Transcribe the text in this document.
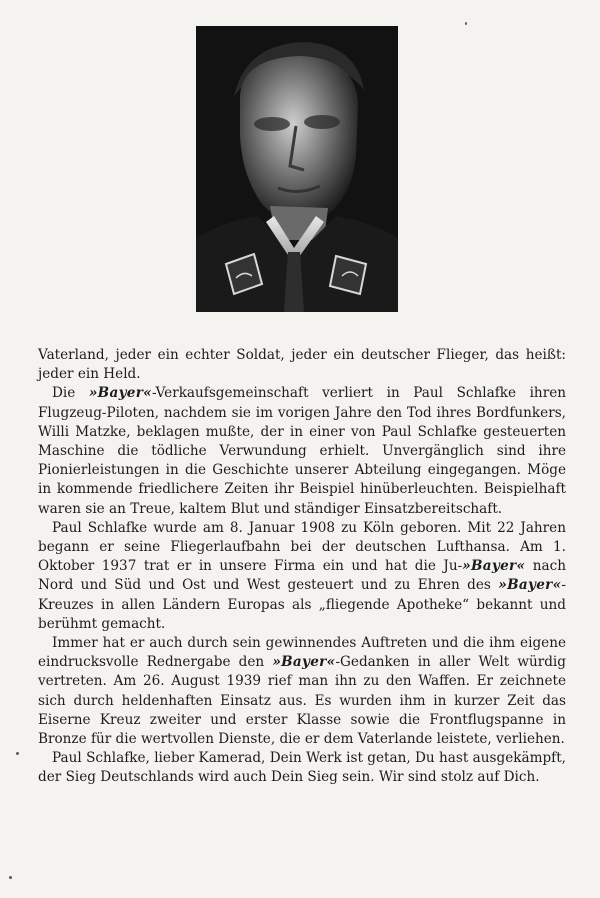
Vaterland, jeder ein echter Soldat, jeder ein deutscher Flieger, das heißt: jeder ein Held.

Die »Bayer«-Verkaufsgemeinschaft verliert in Paul Schlafke ihren Flugzeug-Piloten, nachdem sie im vorigen Jahre den Tod ihres Bordfunkers, Willi Matzke, beklagen mußte, der in einer von Paul Schlafke gesteuerten Maschine die tödliche Verwundung erhielt. Unvergänglich sind ihre Pionierleistungen in die Geschichte unserer Abteilung eingegangen. Möge in kommende friedlichere Zeiten ihr Beispiel hinüberleuchten. Beispielhaft waren sie an Treue, kaltem Blut und ständiger Einsatzbereitschaft.

Paul Schlafke wurde am 8. Januar 1908 zu Köln geboren. Mit 22 Jahren begann er seine Fliegerlaufbahn bei der deutschen Lufthansa. Am 1. Oktober 1937 trat er in unsere Firma ein und hat die Ju-»Bayer« nach Nord und Süd und Ost und West gesteuert und zu Ehren des »Bayer«-Kreuzes in allen Ländern Europas als „fliegende Apotheke“ bekannt und berühmt gemacht.

Immer hat er auch durch sein gewinnendes Auftreten und die ihm eigene eindrucksvolle Rednergabe den »Bayer«-Gedanken in aller Welt würdig vertreten. Am 26. August 1939 rief man ihn zu den Waffen. Er zeichnete sich durch heldenhaften Einsatz aus. Es wurden ihm in kurzer Zeit das Eiserne Kreuz zweiter und erster Klasse sowie die Frontflugspanne in Bronze für die wertvollen Dienste, die er dem Vaterlande leistete, verliehen.

Paul Schlafke, lieber Kamerad, Dein Werk ist getan, Du hast ausgekämpft, der Sieg Deutschlands wird auch Dein Sieg sein. Wir sind stolz auf Dich.
